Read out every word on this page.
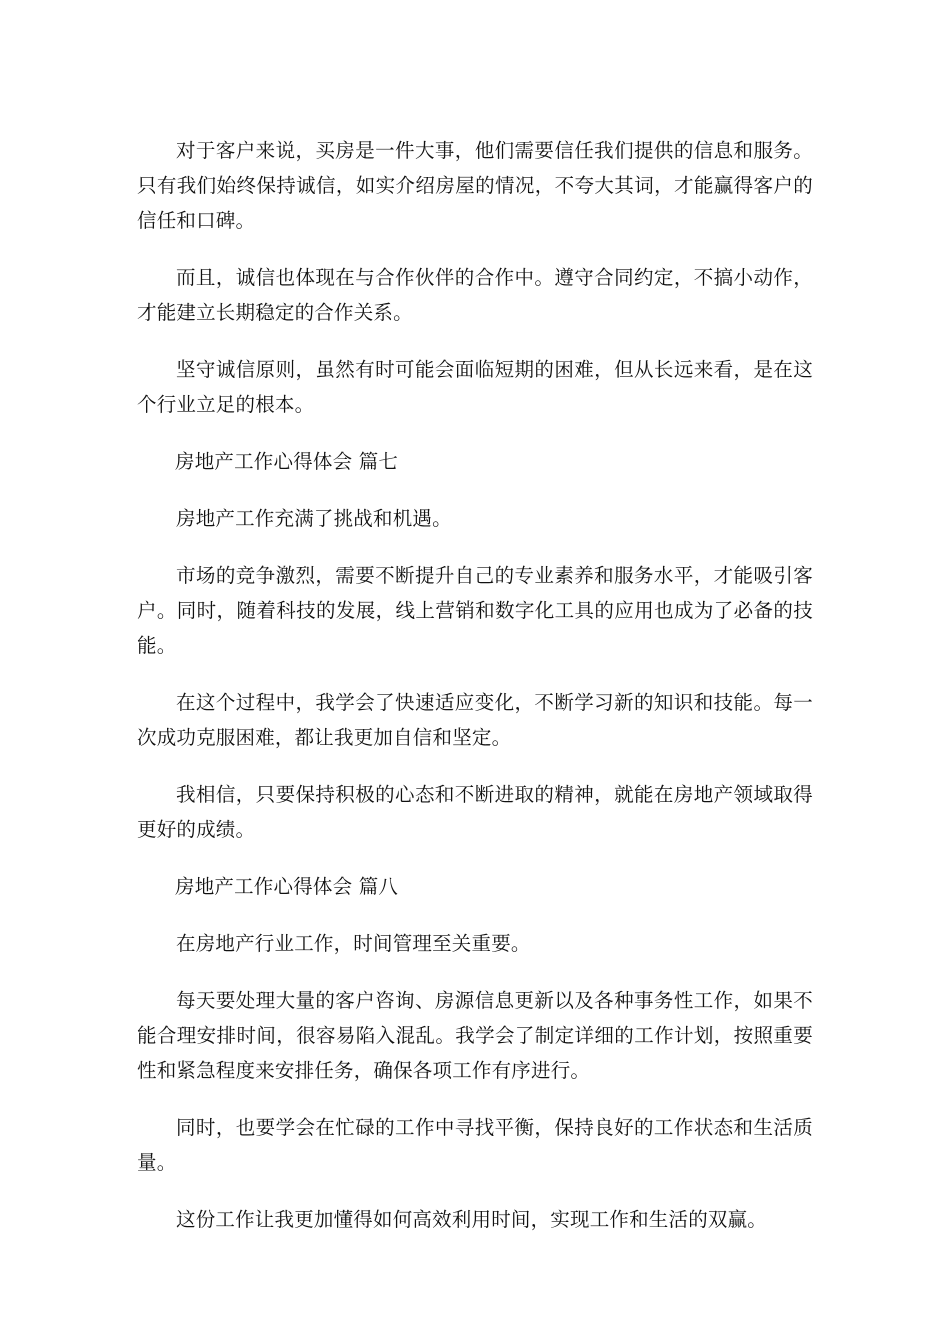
对于客户来说，买房是一件大事，他们需要信任我们提供的信息和服务。只有我们始终保持诚信，如实介绍房屋的情况，不夸大其词，才能赢得客户的信任和口碑。

而且，诚信也体现在与合作伙伴的合作中。遵守合同约定，不搞小动作，才能建立长期稳定的合作关系。

坚守诚信原则，虽然有时可能会面临短期的困难，但从长远来看，是在这个行业立足的根本。

房地产工作心得体会 篇七

房地产工作充满了挑战和机遇。

市场的竞争激烈，需要不断提升自己的专业素养和服务水平，才能吸引客户。同时，随着科技的发展，线上营销和数字化工具的应用也成为了必备的技能。

在这个过程中，我学会了快速适应变化，不断学习新的知识和技能。每一次成功克服困难，都让我更加自信和坚定。

我相信，只要保持积极的心态和不断进取的精神，就能在房地产领域取得更好的成绩。

房地产工作心得体会 篇八

在房地产行业工作，时间管理至关重要。

每天要处理大量的客户咨询、房源信息更新以及各种事务性工作，如果不能合理安排时间，很容易陷入混乱。我学会了制定详细的工作计划，按照重要性和紧急程度来安排任务，确保各项工作有序进行。

同时，也要学会在忙碌的工作中寻找平衡，保持良好的工作状态和生活质量。

这份工作让我更加懂得如何高效利用时间，实现工作和生活的双赢。
